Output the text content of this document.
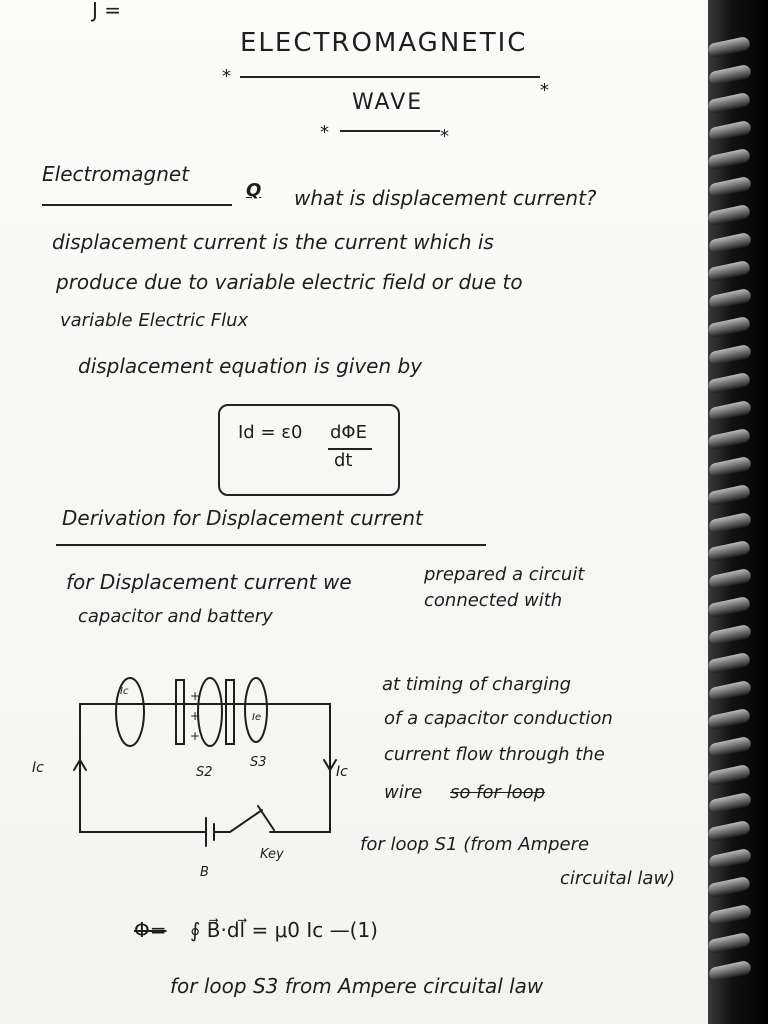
J =
ELECTROMAGNETIC
*
*
WAVE
*	*
Electromagnet
Q what is displacement current?
displacement current is the current which is
produce due to variable electric field or due to
variable Electric Flux
displacement equation is given by
Id = ε0 dΦE
dt
Derivation for Displacement current
for Displacement current we	prepared a circuit
connected with
capacitor and battery
+
+
+
Ic
Ie
Ic	Ic
S2
S3
Key
B
at timing of charging
of a capacitor conduction
current flow through the
wire so for loop
for loop S1 (from Ampere
circuital law)
Φ= ∮ B⃗·dl⃗ = μ0 Ic —(1)
for loop S3 from Ampere circuital law
